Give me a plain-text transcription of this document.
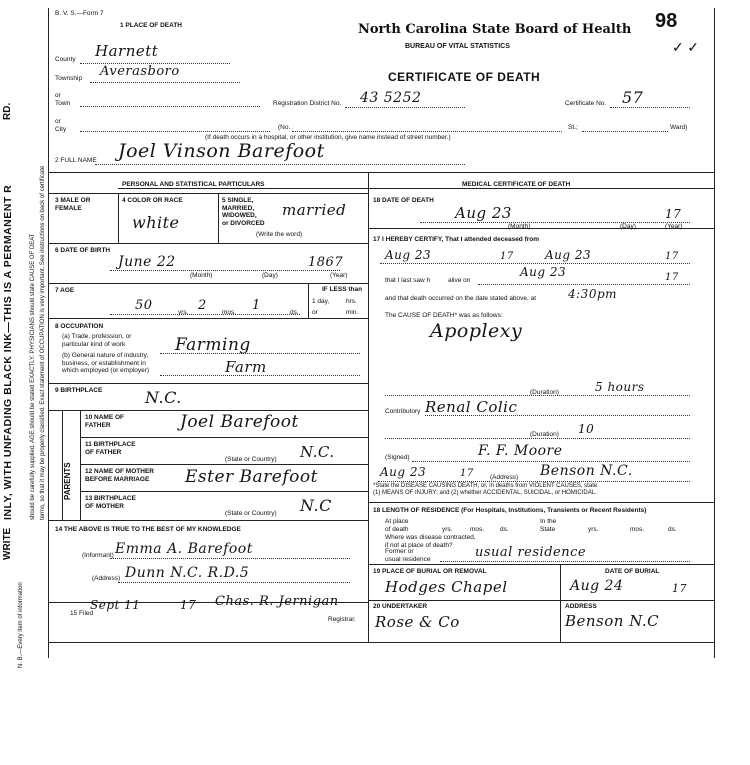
N. B.—Every item of information
WRITE
INLY, WITH UNFADING BLACK INK—THIS IS A PERMANENT R
RD.
should be carefully supplied. AGE should be stated EXACTLY. PHYSICIANS should state CAUSE OF DEAT terms, so that it may be properly classified. Exact statement of OCCUPATION is very important. See instructions on back of certificate
B. V. S.—Form 7
1 PLACE OF DEATH	North Carolina State Board of Health
BUREAU OF VITAL STATISTICS
98
✓ ✓
County Harnett
Township Averasboro	CERTIFICATE OF DEATH
or
Town	Registration District No. 43 5252	Certificate No. 57
or
City	(No.	St.;	Ward)
(If death occurs in a hospital, or other institution, give name instead of street number.)
2 FULL NAME Joel Vinson Barefoot
PERSONAL AND STATISTICAL PARTICULARS	MEDICAL CERTIFICATE OF DEATH
3 MALE OR
FEMALE
4 COLOR OR RACE
white
5 SINGLE,
MARRIED,
WIDOWED,
or DIVORCED
(Write the word)
married
6 DATE OF BIRTH
June 22	1867
(Month)	(Day)	(Year)
7 AGE
50	yrs. 2 mos. 1	ds.
IF LESS than
1 day,	hrs.
or	min.
8 OCCUPATION
(a) Trade, profession, or
particular kind of work	Farming
(b) General nature of industry,
business, or establishment in
which employed (or employer)	Farm
9 BIRTHPLACE	N.C.
PARENTS
10 NAME OF
FATHER	Joel Barefoot
11 BIRTHPLACE
OF FATHER
(State or Country) N.C.
12 NAME OF MOTHER
BEFORE MARRIAGE Ester Barefoot
13 BIRTHPLACE
OF MOTHER
(State or Country) N.C
14 THE ABOVE IS TRUE TO THE BEST OF MY KNOWLEDGE
(Informant) Emma A. Barefoot
(Address) Dunn N.C. R.D.5
15 Filed
Sept 11	17 Chas. R. Jernigan
Registrar.
18 DATE OF DEATH
Aug 23	17
(Month)	(Day)	(Year)
17 I HEREBY CERTIFY, That I attended deceased from
Aug 23	17	Aug 23	17
that I last saw h	alive on
Aug 23	17
and that death occurred on the date stated above, at	4:30pm
The CAUSE OF DEATH* was as follows:
Apoplexy
(Duration)	5 hours
Contributory Renal Colic
(Duration) 10
(Signed)	F. F. Moore
Aug 23	17	(Address) Benson N.C.
*State the DISEASE CAUSING DEATH, or, in deaths from VIOLENT CAUSES, state
(1) MEANS OF INJURY; and (2) whether ACCIDENTAL, SUICIDAL, or HOMICIDAL.
18 LENGTH OF RESIDENCE (For Hospitals, Institutions, Transients or Recent Residents)
At place
of death	yrs.	mos. ds.
In the
State	yrs.	mos.	ds.
Where was disease contracted,
if not at place of death?
Former or
usual residence	usual residence
19 PLACE OF BURIAL OR REMOVAL
Hodges Chapel
DATE OF BURIAL
Aug 24	17
20 UNDERTAKER
Rose & Co
ADDRESS
Benson N.C
